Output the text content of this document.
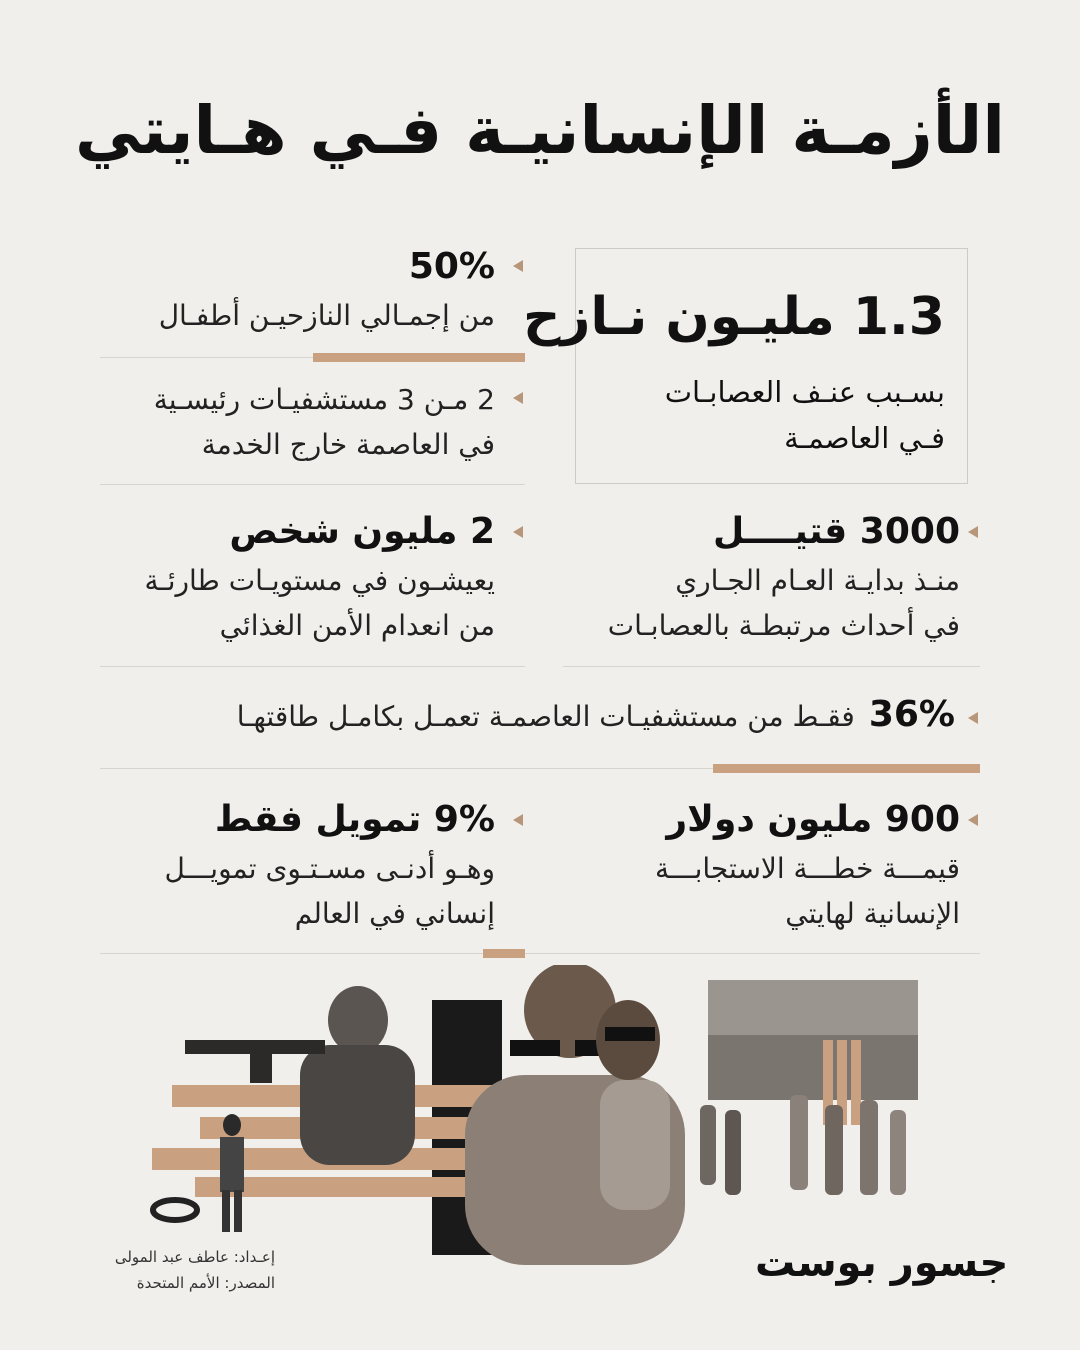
الأزمـة الإنسانيـة فـي هـايتي
1.3 مليـون نـازح
بسـبب عنـف العصابـات
فـي العاصمـة
50%
من إجمـالي النازحيـن أطفـال
2 مـن 3 مستشفيـات رئيسـية
في العاصمة خارج الخدمة
3000 قتيــــل
منـذ بدايـة العـام الجـاري
في أحداث مرتبطـة بالعصابـات
2 مليون شخص
يعيشـون في مستويـات طارئـة
من انعدام الأمن الغذائي
36%
فقـط من مستشفيـات العاصمـة تعمـل بكامـل طاقتهـا
900 مليون دولار
قيمـــة خطـــة الاستجابـــة
الإنسانية لهايتي
9% تمويل فقط
وهـو أدنـى مسـتـوى تمويـــل
إنساني في العالم
إعـداد: عاطف عبد المولى
المصدر: الأمم المتحدة	جسور بوست
